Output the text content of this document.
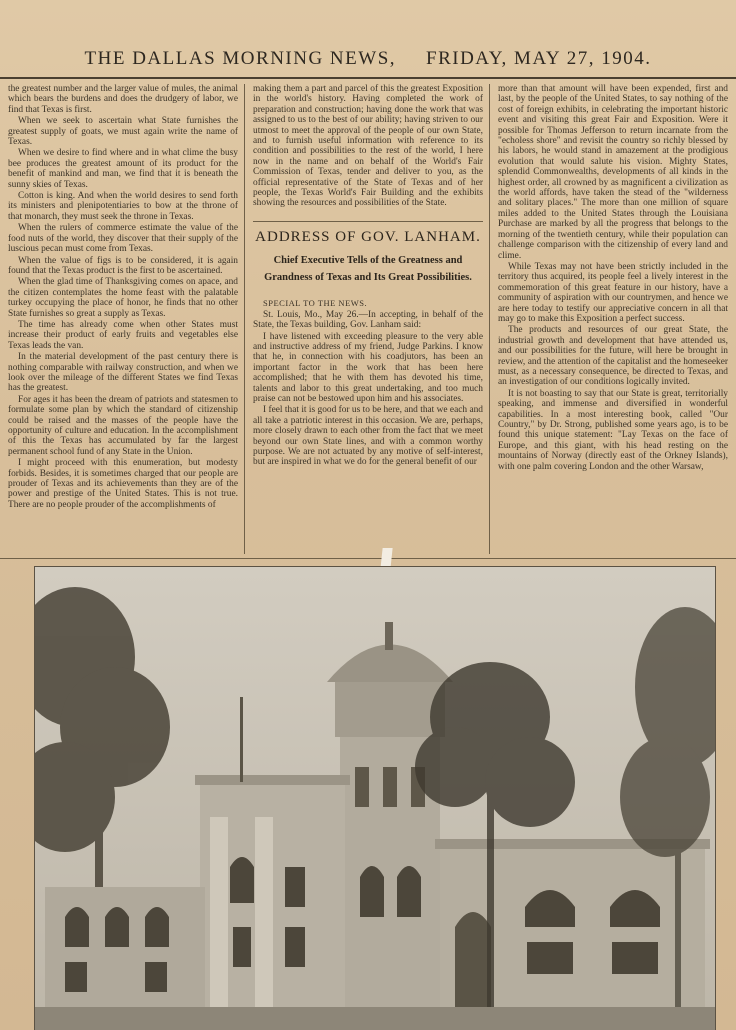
THE DALLAS MORNING NEWS, FRIDAY, MAY 27, 1904.

the greatest number and the larger value of mules, the animal which bears the burdens and does the drudgery of labor, we find that Texas is first.

When we seek to ascertain what State furnishes the greatest supply of goats, we must again write the name of Texas.

When we desire to find where and in what clime the busy bee produces the greatest amount of its product for the benefit of mankind and man, we find that it is beneath the sunny skies of Texas.

Cotton is king. And when the world desires to send forth its ministers and plenipotentiaries to bow at the throne of that monarch, they must seek the throne in Texas.

When the rulers of commerce estimate the value of the food nuts of the world, they discover that their supply of the luscious pecan must come from Texas.

When the value of figs is to be considered, it is again found that the Texas product is the first to be ascertained.

When the glad time of Thanksgiving comes on apace, and the citizen contemplates the home feast with the palatable turkey occupying the place of honor, he finds that no other State furnishes so great a supply as Texas.

The time has already come when other States must increase their product of early fruits and vegetables else Texas leads the van.

In the material development of the past century there is nothing comparable with railway construction, and when we look over the mileage of the different States we find Texas has the greatest.

For ages it has been the dream of patriots and statesmen to formulate some plan by which the standard of citizenship could be raised and the masses of the people have the opportunity of culture and education. In the accomplishment of this the Texas has accumulated by far the largest permanent school fund of any State in the Union.

I might proceed with this enumeration, but modesty forbids. Besides, it is sometimes charged that our people are prouder of Texas and its achievements than they are of the power and prestige of the United States. This is not true. There are no people prouder of the accomplishments of

making them a part and parcel of this the greatest Exposition in the world's history. Having completed the work of preparation and construction; having done the work that was assigned to us to the best of our ability; having striven to our utmost to meet the approval of the people of our own State, and to furnish useful information with reference to its condition and possibilities to the rest of the world, I here now in the name and on behalf of the World's Fair Commission of Texas, tender and deliver to you, as the official representative of the State of Texas and of her people, the Texas World's Fair Building and the exhibits showing the resources and possibilities of the State.

ADDRESS OF GOV. LANHAM.
Chief Executive Tells of the Greatness and Grandness of Texas and Its Great Possibilities.

SPECIAL TO THE NEWS.

St. Louis, Mo., May 26.—In accepting, in behalf of the State, the Texas building, Gov. Lanham said:

I have listened with exceeding pleasure to the very able and instructive address of my friend, Judge Parkins. I know that he, in connection with his coadjutors, has been an important factor in the work that has been here accomplished; that he with them has devoted his time, talents and labor to this great undertaking, and too much praise can not be bestowed upon him and his associates.

I feel that it is good for us to be here, and that we each and all take a patriotic interest in this occasion. We are, perhaps, more closely drawn to each other from the fact that we meet beyond our own State lines, and with a common worthy purpose. We are not actuated by any motive of self-interest, but are inspired in what we do for the general benefit of our

more than that amount will have been expended, first and last, by the people of the United States, to say nothing of the cost of foreign exhibits, in celebrating the important historic event and visiting this great Fair and Exposition. Were it possible for Thomas Jefferson to return incarnate from the "echoless shore" and revisit the country so richly blessed by his labors, he would stand in amazement at the prodigious evolution that would salute his vision. Mighty States, splendid Commonwealths, developments of all kinds in the highest order, all crowned by as magnificent a civilization as the world affords, have taken the stead of the "wilderness and solitary places." The more than one million of square miles added to the United States through the Louisiana Purchase are marked by all the progress that belongs to the morning of the twentieth century, while their population can challenge comparison with the citizenship of every land and clime.

While Texas may not have been strictly included in the territory thus acquired, its people feel a lively interest in the commemoration of this great feature in our history, have a community of aspiration with our countrymen, and hence we are here today to testify our appreciative concern in all that may go to make this Exposition a perfect success.

The products and resources of our great State, the industrial growth and development that have attended us, and our possibilities for the future, will here be brought in review, and the attention of the capitalist and the homeseeker must, as a necessary consequence, be directed to Texas, and an investigation of our conditions logically invited.

It is not boasting to say that our State is great, territorially speaking, and immense and diversified in wonderful capabilities. In a most interesting book, called "Our Country," by Dr. Strong, published some years ago, is to be found this unique statement: "Lay Texas on the face of Europe, and this giant, with his head resting on the mountains of Norway (directly east of the Orkney Islands), with one palm covering London and the other Warsaw,
